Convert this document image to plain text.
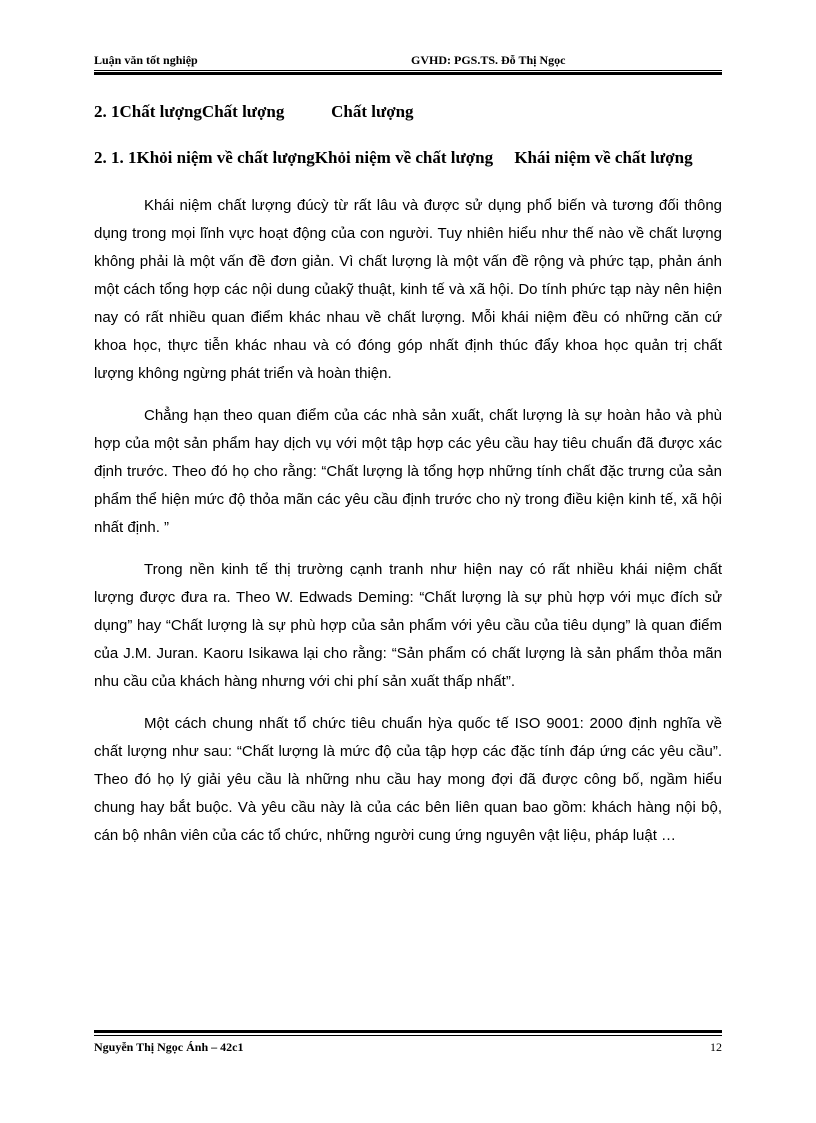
Luận văn tốt nghiệp	GVHD: PGS.TS. Đỗ Thị Ngọc
2. 1Chất lượngChất lượng           Chất lượng
2. 1. 1Khỏi niệm về chất lượngKhỏi niệm về chất lượng     Khái niệm về chất lượng

Khái niệm chất lượng đúcỳ từ rất lâu và được sử dụng phổ biến và tương đối thông dụng trong mọi lĩnh vực hoạt động của con người. Tuy nhiên hiểu như thế nào về chất lượng không phải là một vấn đề đơn giản. Vì chất lượng là một vấn đề rộng và phức tạp, phản ánh một cách tổng hợp các nội dung củakỹ thuật, kinh tế và xã hội. Do tính phức tạp này nên hiện nay có rất nhiều quan điểm khác nhau về chất lượng. Mỗi khái niệm đều có những căn cứ khoa học, thực tiễn khác nhau và có đóng góp nhất định thúc đẩy khoa học quản trị chất lượng không ngừng phát triển và hoàn thiện.

Chẳng hạn theo quan điểm của các nhà sản xuất, chất lượng là sự hoàn hảo và phù hợp của một sản phẩm hay dịch vụ với một tập hợp các yêu cầu hay tiêu chuẩn đã được xác định trước. Theo đó họ cho rằng: “Chất lượng là tổng hợp những tính chất đặc trưng của sản phẩm thể hiện mức độ thỏa mãn các yêu cầu định trước cho nỳ trong điều kiện kinh tế, xã hội nhất định. ”

Trong nền kinh tế thị trường cạnh tranh như hiện nay có rất nhiều khái niệm chất lượng được đưa ra. Theo W. Edwads Deming: “Chất lượng là sự phù hợp với mục đích sử dụng” hay “Chất lượng là sự phù hợp của sản phẩm với yêu cầu của tiêu dụng” là quan điểm của J.M. Juran. Kaoru Isikawa lại cho rằng: “Sản phẩm có chất lượng là sản phẩm thỏa mãn nhu cầu của khách hàng nhưng với chi phí sản xuất thấp nhất”.

Một cách chung nhất tổ chức tiêu chuẩn hỳa quốc tế ISO 9001: 2000 định nghĩa về chất lượng như sau: “Chất lượng là mức độ của tập hợp các đặc tính đáp ứng các yêu cầu”. Theo đó họ lý giải yêu cầu là những nhu cầu hay mong đợi đã được công bố, ngầm hiểu chung hay bắt buộc. Và yêu cầu này là của các bên liên quan bao gồm: khách hàng nội bộ, cán bộ nhân viên của các tổ chức, những người cung ứng nguyên vật liệu, pháp luật …

Nguyễn Thị Ngọc Ánh – 42c1	12
